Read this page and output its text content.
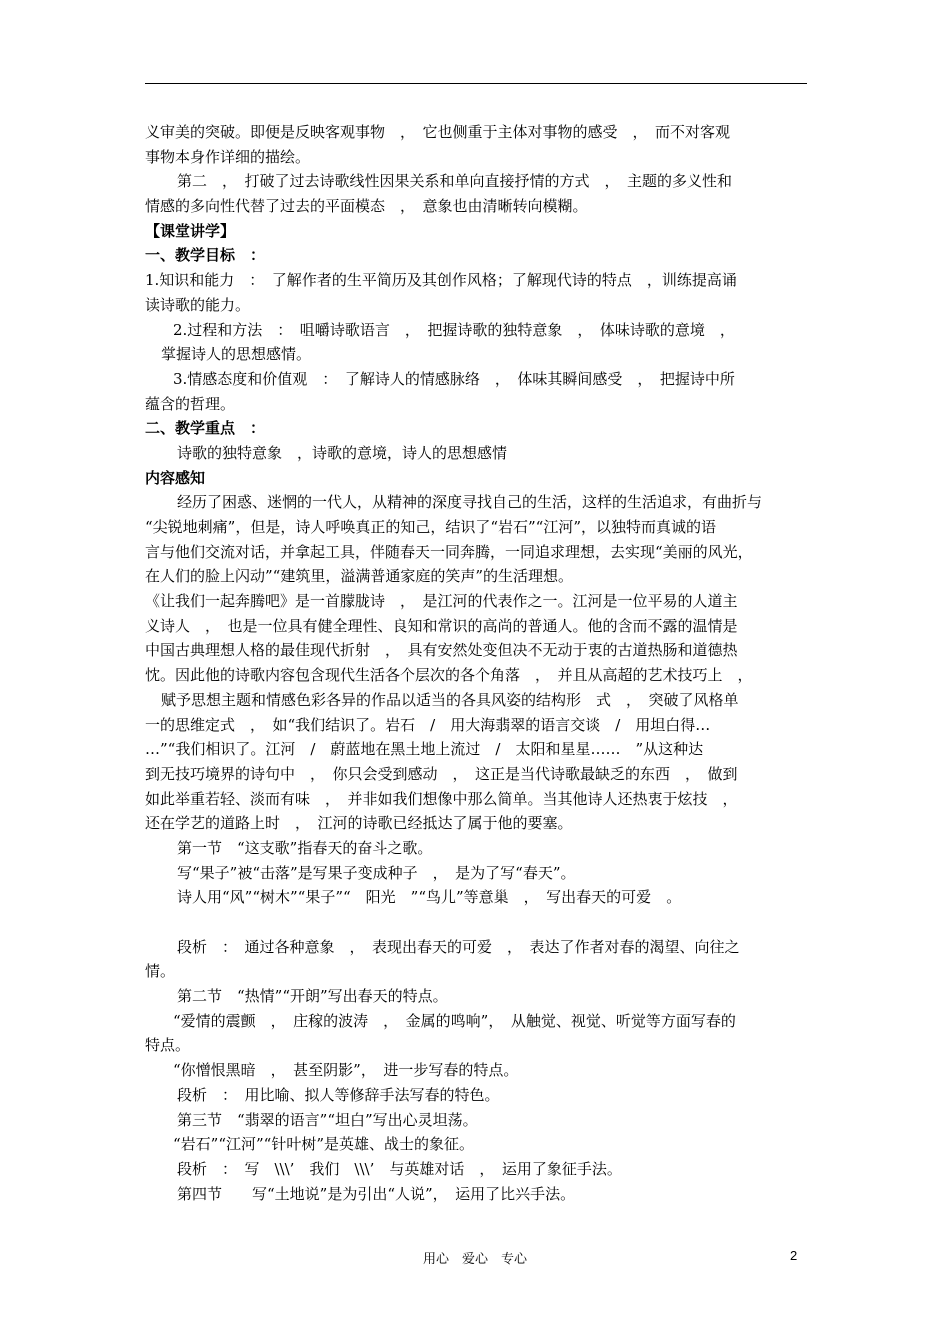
义审美的突破。即便是反映客观事物　，　它也侧重于主体对事物的感受　，　而不对客观
事物本身作详细的描绘。
第二　，　打破了过去诗歌线性因果关系和单向直接抒情的方式　，　主题的多义性和
情感的多向性代替了过去的平面模态　，　意象也由清晰转向模糊。
【课堂讲学】
一、教学目标　：
1.知识和能力　：　了解作者的生平简历及其创作风格；了解现代诗的特点　，训练提高诵
读诗歌的能力。
2.过程和方法　：　咀嚼诗歌语言　，　把握诗歌的独特意象　，　体味诗歌的意境　，
掌握诗人的思想感情。
3.情感态度和价值观　：　了解诗人的情感脉络　，　体味其瞬间感受　，　把握诗中所
蕴含的哲理。
二、教学重点　：
诗歌的独特意象　，诗歌的意境，诗人的思想感情
内容感知
经历了困惑、迷惘的一代人，从精神的深度寻找自己的生活，这样的生活追求，有曲折与
“尖锐地刺痛”，但是，诗人呼唤真正的知己，结识了“岩石”“江河”，以独特而真诚的语
言与他们交流对话，并拿起工具，伴随春天一同奔腾，一同追求理想，去实现“美丽的风光，
在人们的脸上闪动”“建筑里，溢满普通家庭的笑声”的生活理想。
《让我们一起奔腾吧》是一首朦胧诗　，　是江河的代表作之一。江河是一位平易的人道主
义诗人　，　也是一位具有健全理性、良知和常识的高尚的普通人。他的含而不露的温情是
中国古典理想人格的最佳现代折射　，　具有安然处变但决不无动于衷的古道热肠和道德热
忱。因此他的诗歌内容包含现代生活各个层次的各个角落　，　并且从高超的艺术技巧上　，
赋予思想主题和情感色彩各异的作品以适当的各具风姿的结构形　式　，　突破了风格单
一的思维定式　，　如“我们结识了。岩石　/　用大海翡翠的语言交谈　/　用坦白得…
…”“我们相识了。江河　/　蔚蓝地在黑土地上流过　/　太阳和星星……　”从这种达
到无技巧境界的诗句中　，　你只会受到感动　，　这正是当代诗歌最缺乏的东西　，　做到
如此举重若轻、淡而有味　，　并非如我们想像中那么简单。当其他诗人还热衷于炫技　，
还在学艺的道路上时　，　江河的诗歌已经抵达了属于他的要塞。
第一节　“这支歌”指春天的奋斗之歌。
写“果子”被“击落”是写果子变成种子　，　是为了写“春天”。
诗人用“风”“树木”“果子”“　阳光　”“鸟儿”等意巢　，　写出春天的可爱　。
段析　：　通过各种意象　，　表现出春天的可爱　，　表达了作者对春的渴望、向往之
情。
第二节　“热情”“开朗”写出春天的特点。
“爱情的震颤　，　庄稼的波涛　，　金属的鸣响”，　从触觉、视觉、听觉等方面写春的
特点。
“你憎恨黑暗　，　甚至阴影”，　进一步写春的特点。
段析　：　用比喻、拟人等修辞手法写春的特色。
第三节　“翡翠的语言”“坦白”写出心灵坦荡。
“岩石”“江河”“针叶树”是英雄、战士的象征。
段析　：　写　\\\’　我们　\\\’　与英雄对话　，　运用了象征手法。
第四节　　写“土地说”是为引出“人说”，　运用了比兴手法。
用心　爱心　专心	2
